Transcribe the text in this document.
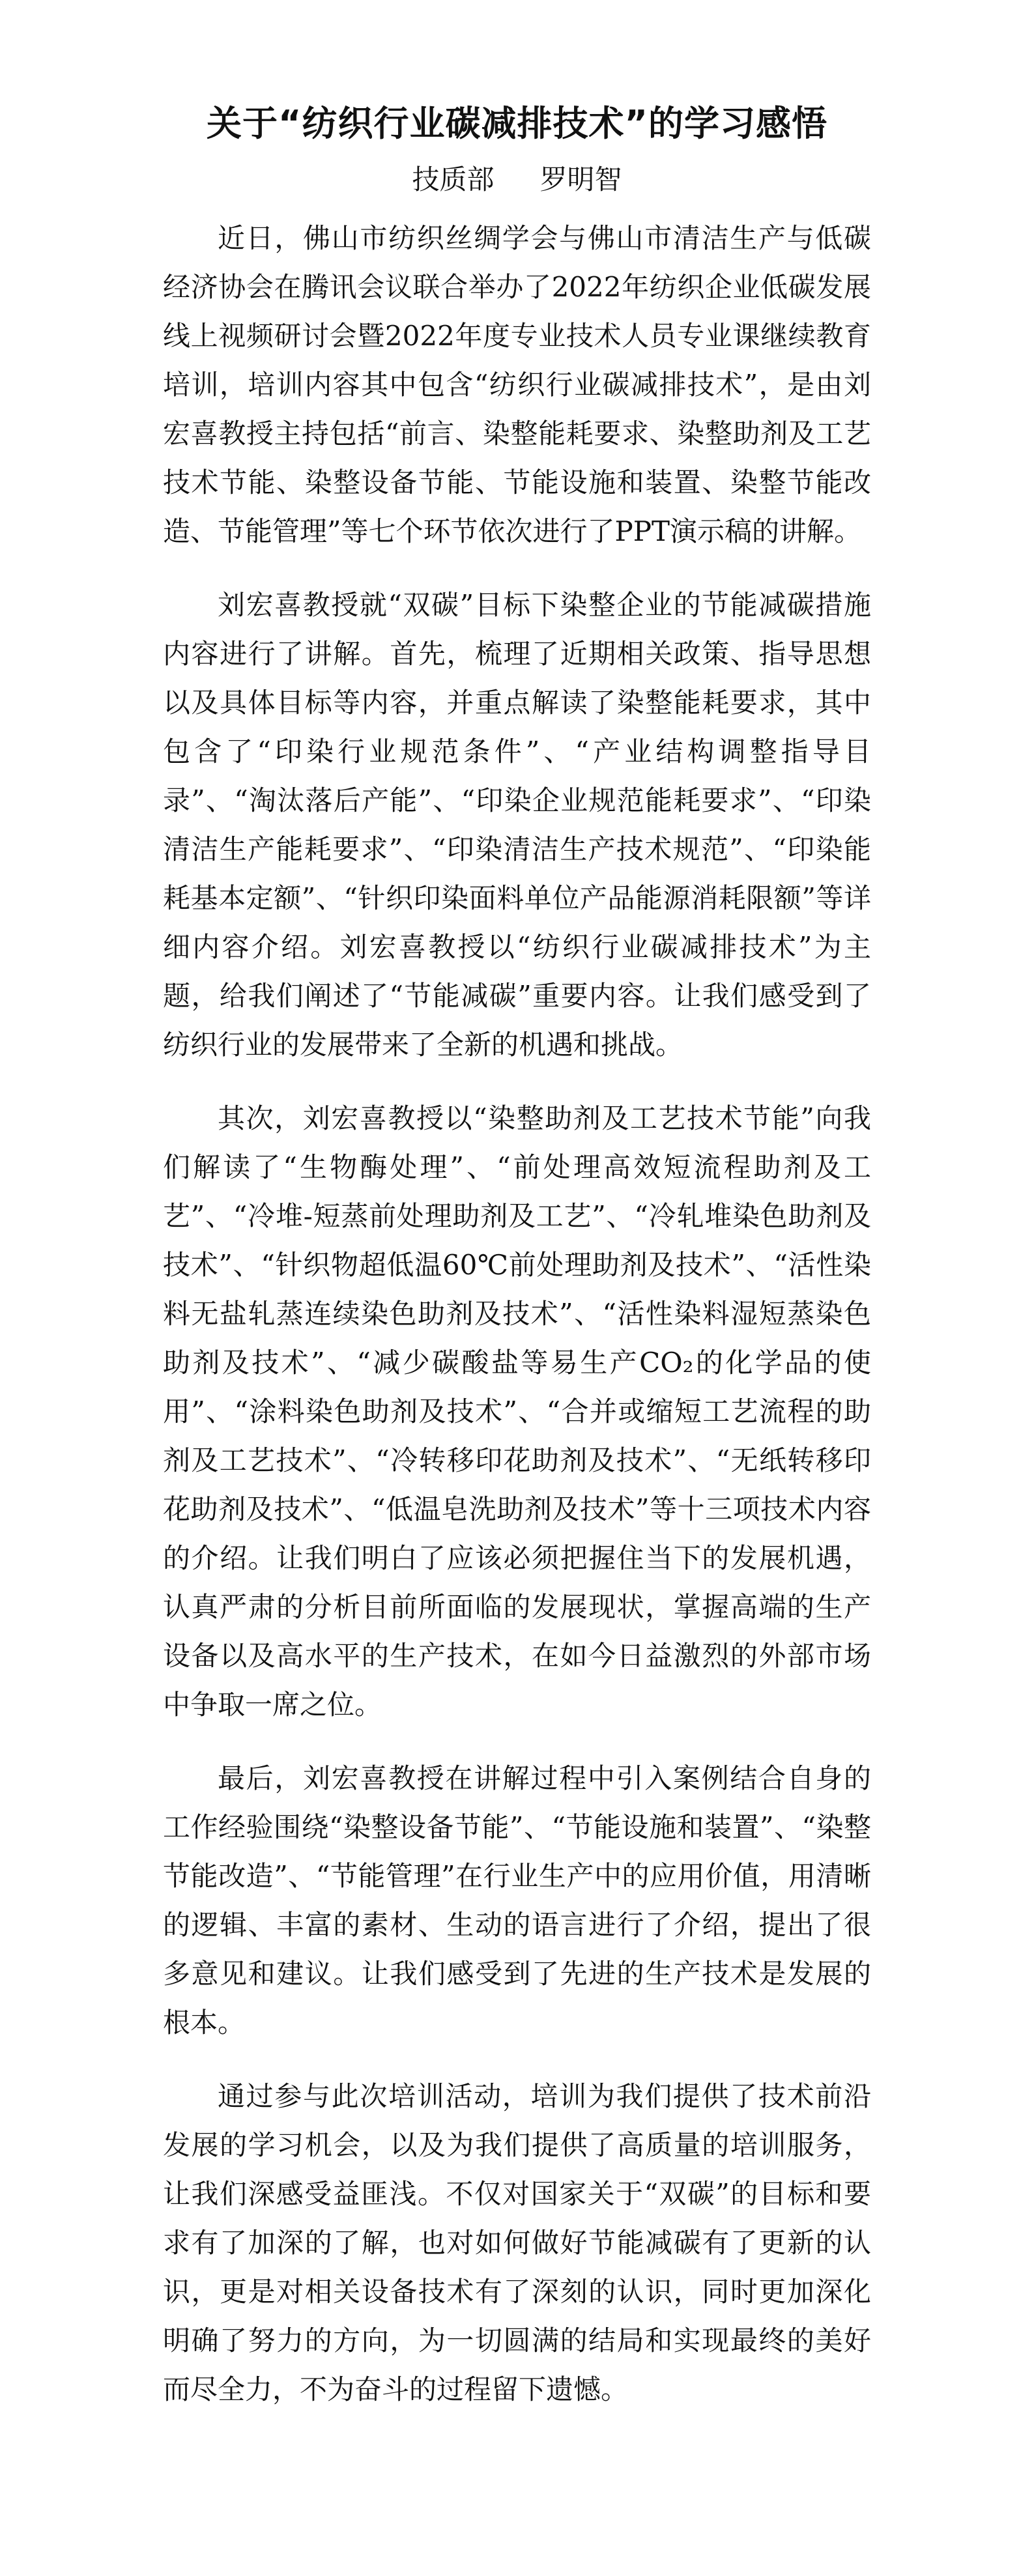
关于“纺织行业碳减排技术”的学习感悟
技质部 罗明智

近日，佛山市纺织丝绸学会与佛山市清洁生产与低碳经济协会在腾讯会议联合举办了2022年纺织企业低碳发展线上视频研讨会暨2022年度专业技术人员专业课继续教育培训，培训内容其中包含“纺织行业碳减排技术”，是由刘宏喜教授主持包括“前言、染整能耗要求、染整助剂及工艺技术节能、染整设备节能、节能设施和装置、染整节能改造、节能管理”等七个环节依次进行了PPT演示稿的讲解。

刘宏喜教授就“双碳”目标下染整企业的节能减碳措施内容进行了讲解。首先，梳理了近期相关政策、指导思想以及具体目标等内容，并重点解读了染整能耗要求，其中包含了“印染行业规范条件”、“产业结构调整指导目录”、“淘汰落后产能”、“印染企业规范能耗要求”、“印染清洁生产能耗要求”、“印染清洁生产技术规范”、“印染能耗基本定额”、“针织印染面料单位产品能源消耗限额”等详细内容介绍。刘宏喜教授以“纺织行业碳减排技术”为主题，给我们阐述了“节能减碳”重要内容。让我们感受到了纺织行业的发展带来了全新的机遇和挑战。

其次，刘宏喜教授以“染整助剂及工艺技术节能”向我们解读了“生物酶处理”、“前处理高效短流程助剂及工艺”、“冷堆-短蒸前处理助剂及工艺”、“冷轧堆染色助剂及技术”、“针织物超低温60℃前处理助剂及技术”、“活性染料无盐轧蒸连续染色助剂及技术”、“活性染料湿短蒸染色助剂及技术”、“减少碳酸盐等易生产CO₂的化学品的使用”、“涂料染色助剂及技术”、“合并或缩短工艺流程的助剂及工艺技术”、“冷转移印花助剂及技术”、“无纸转移印花助剂及技术”、“低温皂洗助剂及技术”等十三项技术内容的介绍。让我们明白了应该必须把握住当下的发展机遇，认真严肃的分析目前所面临的发展现状，掌握高端的生产设备以及高水平的生产技术，在如今日益激烈的外部市场中争取一席之位。

最后，刘宏喜教授在讲解过程中引入案例结合自身的工作经验围绕“染整设备节能”、“节能设施和装置”、“染整节能改造”、“节能管理”在行业生产中的应用价值，用清晰的逻辑、丰富的素材、生动的语言进行了介绍，提出了很多意见和建议。让我们感受到了先进的生产技术是发展的根本。

通过参与此次培训活动，培训为我们提供了技术前沿发展的学习机会，以及为我们提供了高质量的培训服务，让我们深感受益匪浅。不仅对国家关于“双碳”的目标和要求有了加深的了解，也对如何做好节能减碳有了更新的认识，更是对相关设备技术有了深刻的认识，同时更加深化明确了努力的方向，为一切圆满的结局和实现最终的美好而尽全力，不为奋斗的过程留下遗憾。
